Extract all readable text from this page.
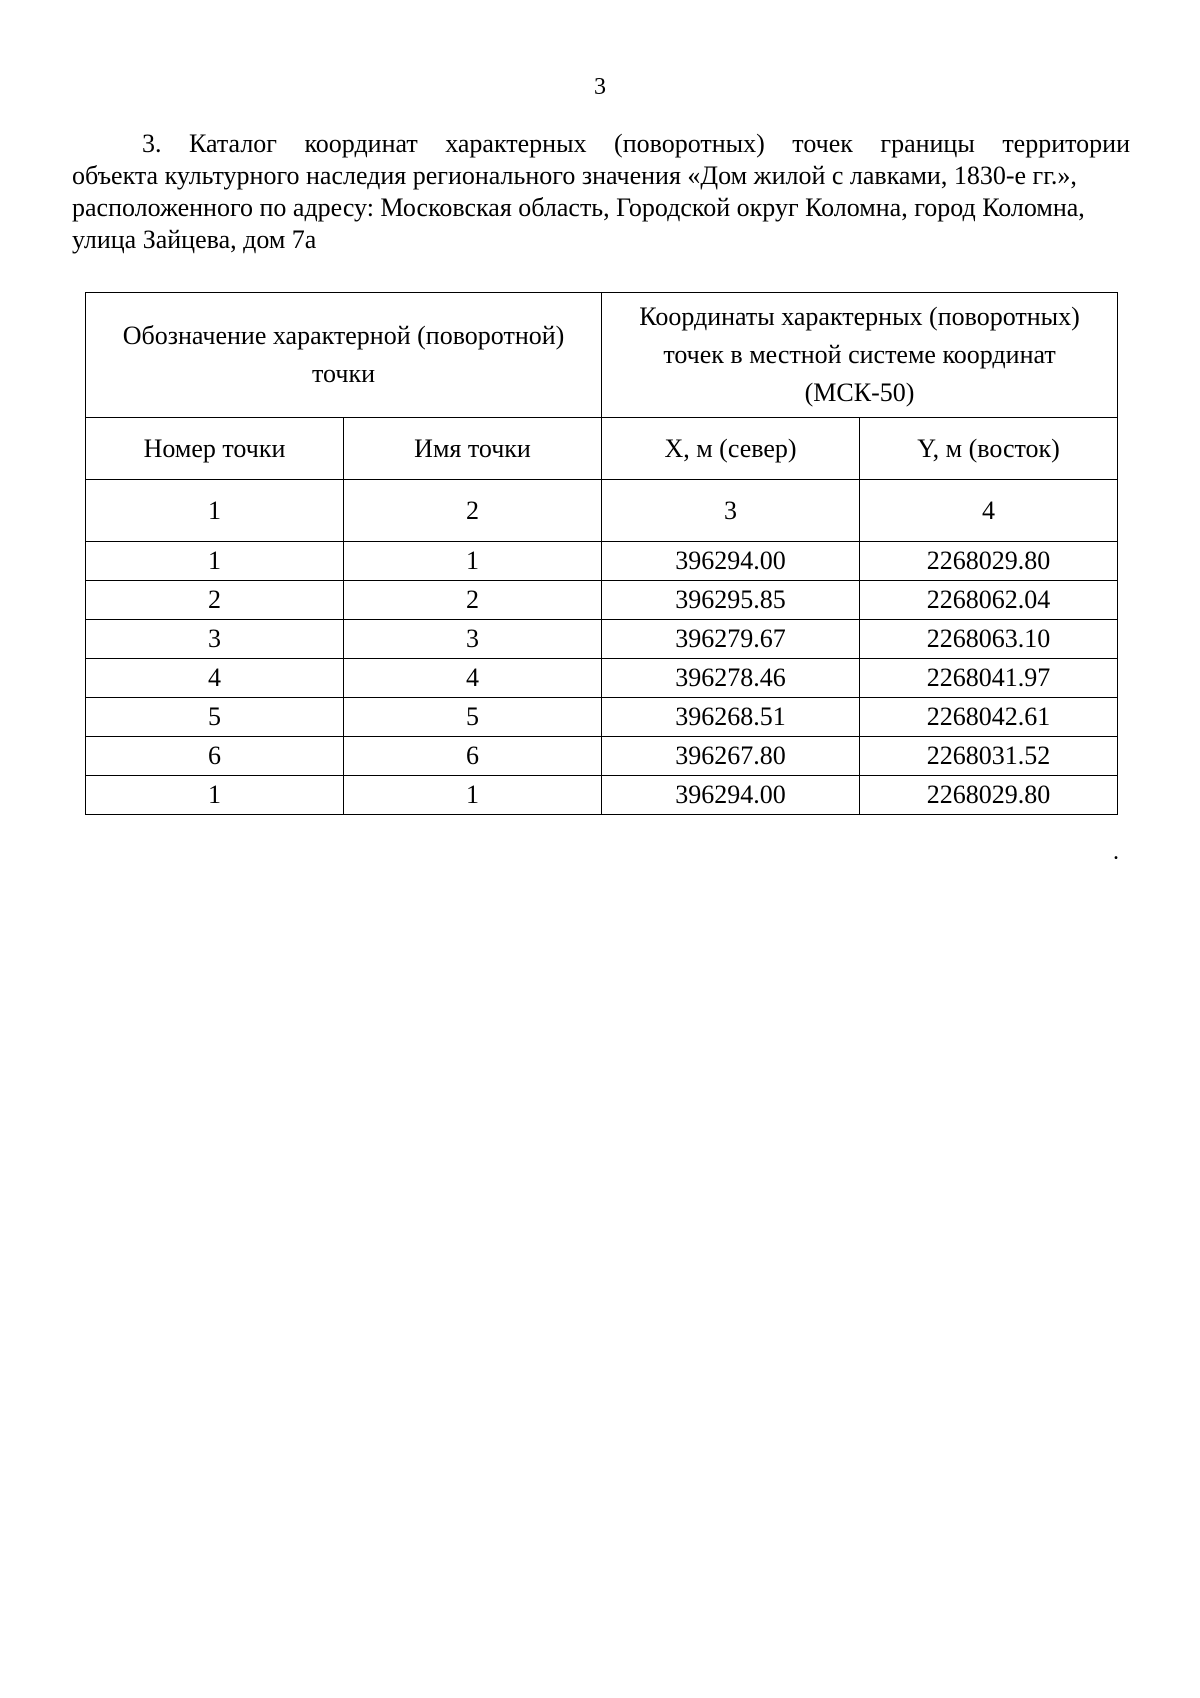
3

3. Каталог координат характерных (поворотных) точек границы территории
объекта культурного наследия регионального значения «Дом жилой с лавками, 1830-е гг.», расположенного по адресу: Московская область, Городской округ Коломна, город Коломна, улица Зайцева, дом 7а

Обозначение характерной (поворотной) точки		Координаты характерных (поворотных) точек в местной системе координат (МСК-50)	
Номер точки	Имя точки	X, м (север)	Y, м (восток)
1	2	3	4
1	1	396294.00	2268029.80
2	2	396295.85	2268062.04
3	3	396279.67	2268063.10
4	4	396278.46	2268041.97
5	5	396268.51	2268042.61
6	6	396267.80	2268031.52
1	1	396294.00	2268029.80
.
